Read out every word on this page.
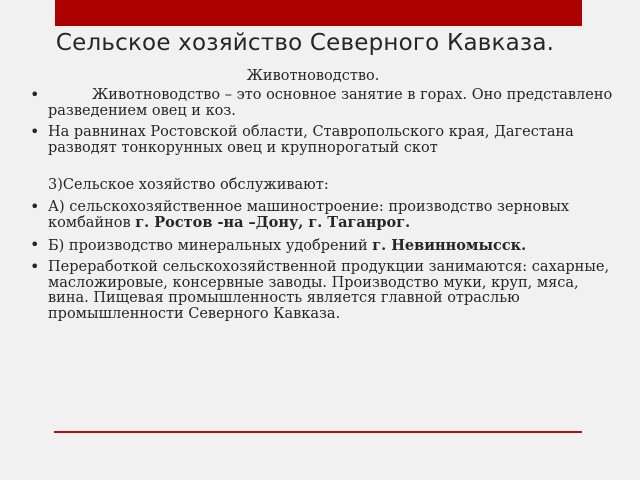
Сельское хозяйство Северного Кавказа.
Животноводство.
• Животноводство – это основное занятие в горах. Оно представлено разведением овец и коз.
• На равнинах Ростовской области, Ставропольского края, Дагестана разводят тонкорунных овец и крупнорогатый скот
3)Сельское хозяйство обслуживают:
• А) сельскохозяйственное машиностроение: производство зерновых комбайнов г. Ростов -на –Дону, г. Таганрог.
• Б) производство минеральных удобрений г. Невинномысск.
• Переработкой сельскохозяйственной продукции занимаются: сахарные, масложировые, консервные заводы. Производство муки, круп, мяса, вина. Пищевая промышленность является главной отраслью промышленности Северного Кавказа.
